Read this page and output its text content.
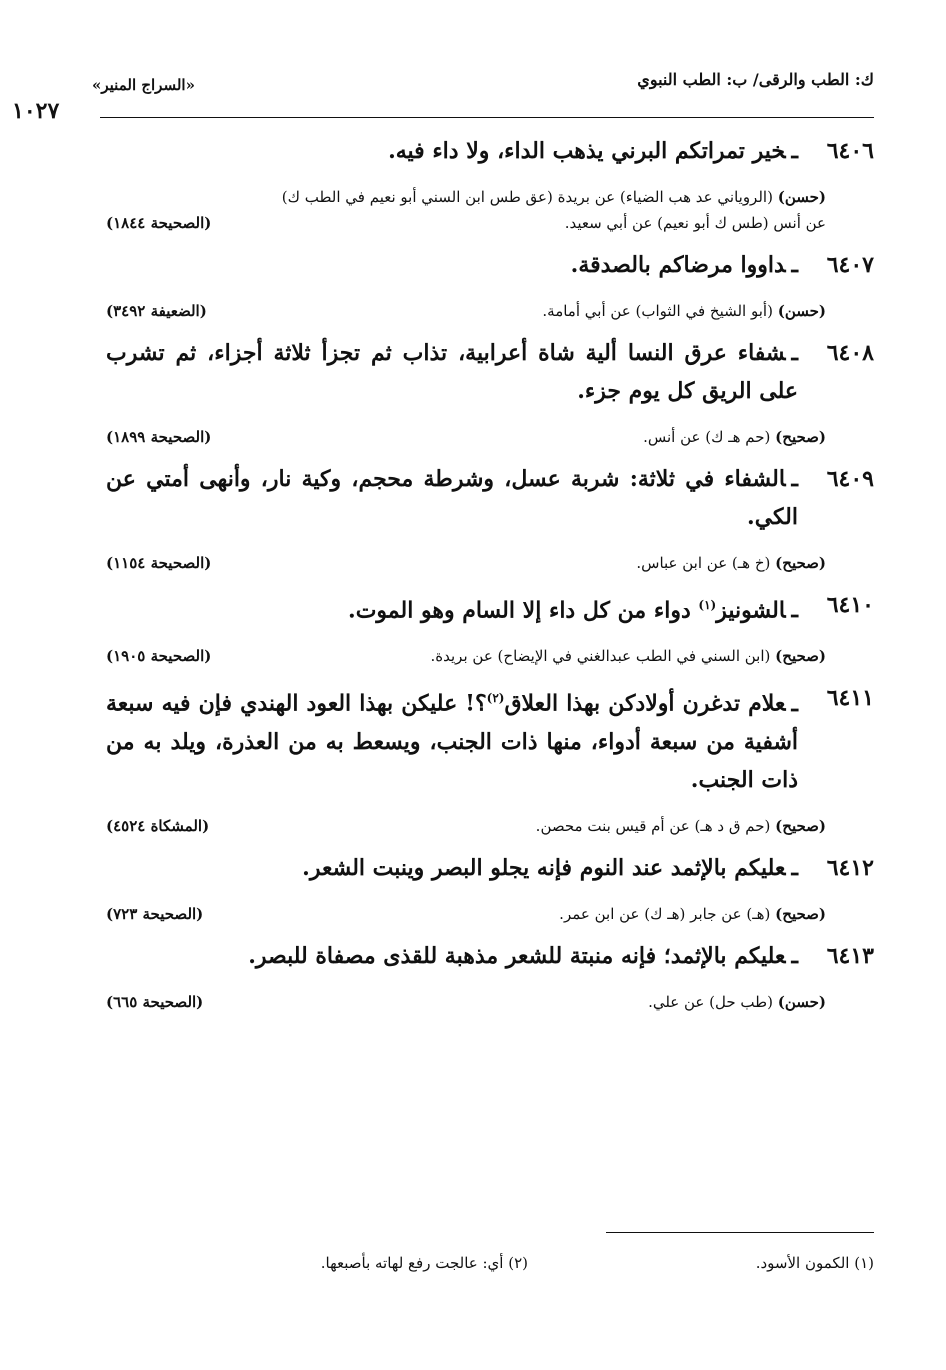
ك: الطب والرقى/ ب: الطب النبوي
«السراج المنير»
١٠٢٧
٦٤٠٦
ـخير تمراتكم البرني يذهب الداء، ولا داء فيه.
(حسن) (الروياني عد هب الضياء) عن بريدة (عق طس ابن السني أبو نعيم في الطب ك)
عن أنس (طس ك أبو نعيم) عن أبي سعيد.
(الصحيحة ١٨٤٤)
٦٤٠٧
ـداووا مرضاكم بالصدقة.
(حسن) (أبو الشيخ في الثواب) عن أبي أمامة.
(الضعيفة ٣٤٩٢)
٦٤٠٨
ـشفاء عرق النسا ألية شاة أعرابية، تذاب ثم تجزأ ثلاثة أجزاء، ثم تشرب على الريق كل يوم جزء.
(صحيح) (حم هـ ك) عن أنس.
(الصحيحة ١٨٩٩)
٦٤٠٩
ـالشفاء في ثلاثة: شربة عسل، وشرطة محجم، وكية نار، وأنهى أمتي عن الكي.
(صحيح) (خ هـ) عن ابن عباس.
(الصحيحة ١١٥٤)
٦٤١٠
ـالشونيز$^{(١)}$ دواء من كل داء إلا السام وهو الموت.
(صحيح) (ابن السني في الطب عبدالغني في الإيضاح) عن بريدة.
(الصحيحة ١٩٠٥)
٦٤١١
ـعلام تدغرن أولادكن بهذا العلاق$^{(٢)}$؟! عليكن بهذا العود الهندي فإن فيه سبعة أشفية من سبعة أدواء، منها ذات الجنب، ويسعط به من العذرة، ويلد به من ذات الجنب.
(صحيح) (حم ق د هـ) عن أم قيس بنت محصن.
(المشكاة ٤٥٢٤)
٦٤١٢
ـعليكم بالإثمد عند النوم فإنه يجلو البصر وينبت الشعر.
(صحيح) (هـ) عن جابر (هـ ك) عن ابن عمر.
(الصحيحة ٧٢٣)
٦٤١٣
ـعليكم بالإثمد؛ فإنه منبتة للشعر مذهبة للقذى مصفاة للبصر.
(حسن) (طب حل) عن علي.
(الصحيحة ٦٦٥)
(١) الكمون الأسود.
(٢) أي: عالجت رفع لهاته بأصبعها.
